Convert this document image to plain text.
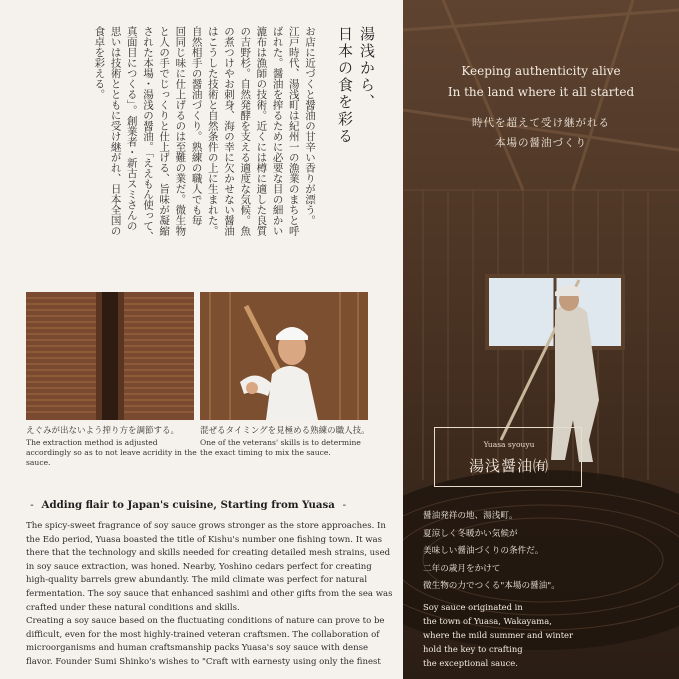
湯浅から、
日本の食を彩る
お店に近づくと醤油の甘辛い香りが漂う。
江戸時代、湯浅町は紀州一の漁業のまちと呼
ばれた。醤油を搾るために必要な目の細かい
漉布は漁師の技術。近くには樽に適した良質
の吉野杉。自然発酵を支える適度な気候。魚
の煮つけやお刺身、海の幸に欠かせない醤油
はこうした技術と自然条件の上に生まれた。
自然相手の醤油づくり。熟練の職人でも毎
回同じ味に仕上げるのは至難の業だ。微生物
と人の手でじっくりと仕上げる、旨味が凝縮
された本場・湯浅の醤油。「ええもん使って、
真面目につくる」。創業者・新古スミさんの
思いは技術とともに受け継がれ、日本全国の
食卓を彩える。
えぐみが出ないよう搾り方を調節する。
The extraction method is adjusted accordingly so as to not leave acridity in the sauce.
混ぜるタイミングを見極める熟練の職人技。
One of the veterans' skills is to determine the exact timing to mix the sauce.
- Adding flair to Japan's cuisine, Starting from Yuasa -

The spicy-sweet fragrance of soy sauce grows stronger as the store approaches. In the Edo period, Yuasa boasted the title of Kishu's number one fishing town. It was there that the technology and skills needed for creating detailed mesh strains, used in soy sauce extraction, was honed. Nearby, Yoshino cedars perfect for creating high-quality barrels grew abundantly. The mild climate was perfect for natural fermentation. The soy sauce that enhanced sashimi and other gifts from the sea was crafted under these natural conditions and skills.

Creating a soy sauce based on the fluctuating conditions of nature can prove to be difficult, even for the most highly-trained veteran craftsmen. The collaboration of microorganisms and human craftsmanship packs Yuasa's soy sauce with dense flavor. Founder Sumi Shinko's wishes to "Craft with earnesty using only the finest

Keeping authenticity alive
In the land where it all started
時代を超えて受け継がれる
本場の醤油づくり
Yuasa syouyu
湯浅醤油㈲
醤油発祥の地、湯浅町。
夏涼しく冬暖かい気候が
美味しい醤油づくりの条件だ。
二年の歳月をかけて
微生物の力でつくる"本場の醤油"。
Soy sauce originated in
the town of Yuasa, Wakayama,
where the mild summer and winter
hold the key to crafting
the exceptional sauce.
